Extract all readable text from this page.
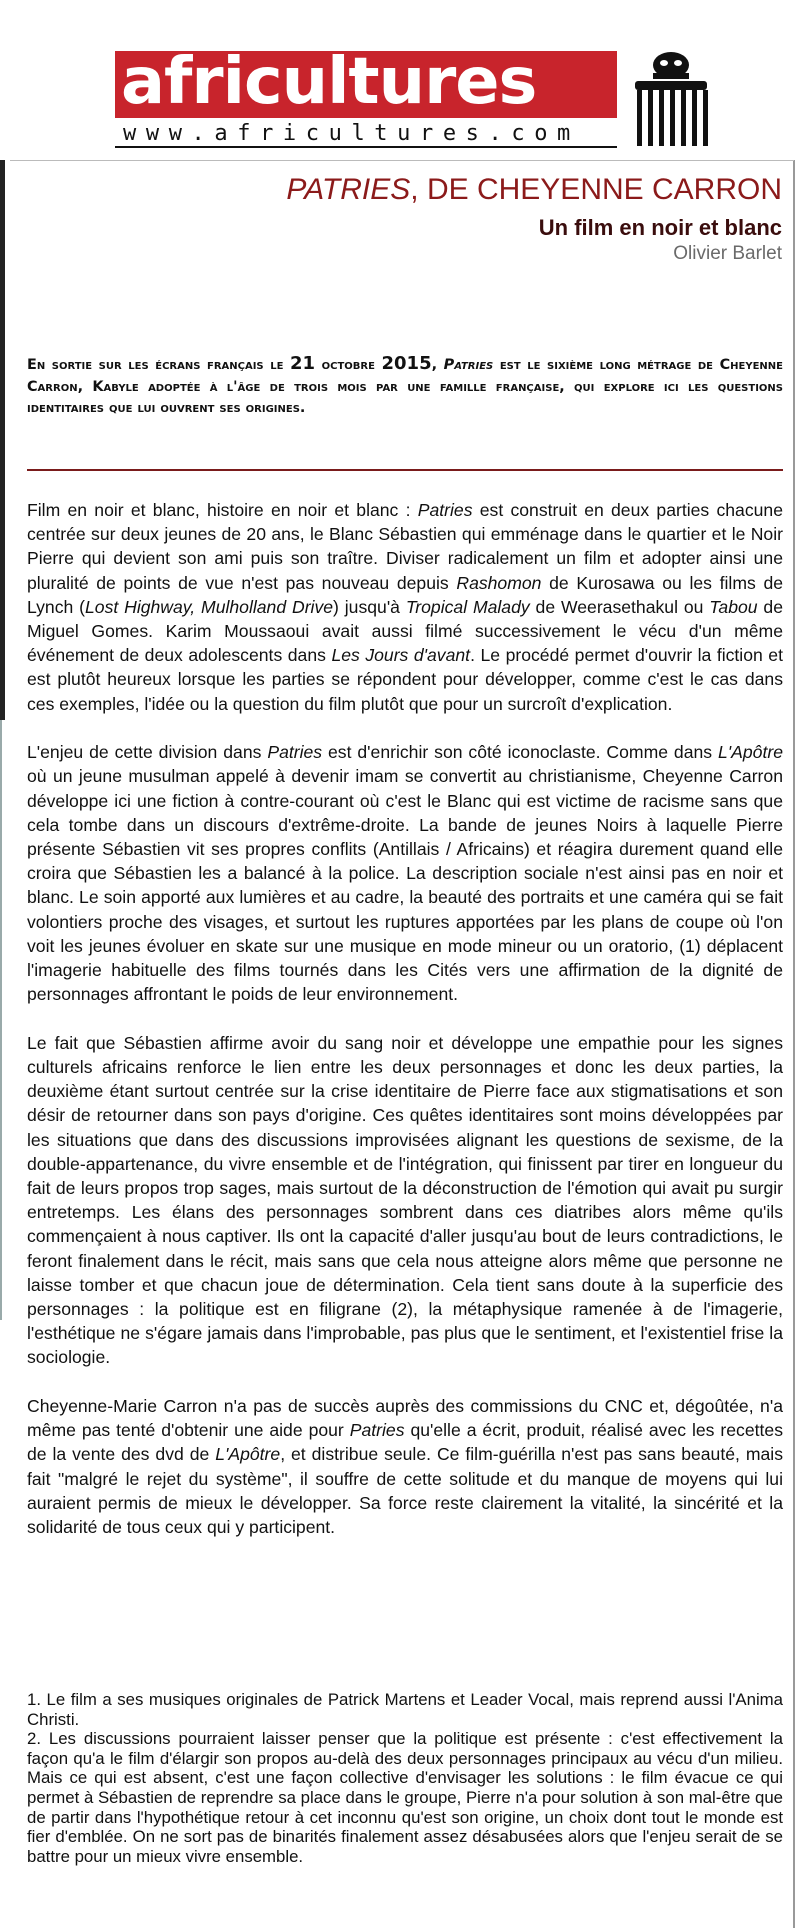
africultures
www.africultures.com
PATRIES, DE CHEYENNE CARRON
Un film en noir et blanc
Olivier Barlet
En sortie sur les écrans français le 21 octobre 2015, Patries est le sixième long métrage de Cheyenne Carron, Kabyle adoptée à l'âge de trois mois par une famille française, qui explore ici les questions identitaires que lui ouvrent ses origines.

Film en noir et blanc, histoire en noir et blanc : Patries est construit en deux parties chacune centrée sur deux jeunes de 20 ans, le Blanc Sébastien qui emménage dans le quartier et le Noir Pierre qui devient son ami puis son traître. Diviser radicalement un film et adopter ainsi une pluralité de points de vue n'est pas nouveau depuis Rashomon de Kurosawa ou les films de Lynch (Lost Highway, Mulholland Drive) jusqu'à Tropical Malady de Weerasethakul ou Tabou de Miguel Gomes. Karim Moussaoui avait aussi filmé successivement le vécu d'un même événement de deux adolescents dans Les Jours d'avant. Le procédé permet d'ouvrir la fiction et est plutôt heureux lorsque les parties se répondent pour développer, comme c'est le cas dans ces exemples, l'idée ou la question du film plutôt que pour un surcroît d'explication.

L'enjeu de cette division dans Patries est d'enrichir son côté iconoclaste. Comme dans L'Apôtre où un jeune musulman appelé à devenir imam se convertit au christianisme, Cheyenne Carron développe ici une fiction à contre-courant où c'est le Blanc qui est victime de racisme sans que cela tombe dans un discours d'extrême-droite. La bande de jeunes Noirs à laquelle Pierre présente Sébastien vit ses propres conflits (Antillais / Africains) et réagira durement quand elle croira que Sébastien les a balancé à la police. La description sociale n'est ainsi pas en noir et blanc. Le soin apporté aux lumières et au cadre, la beauté des portraits et une caméra qui se fait volontiers proche des visages, et surtout les ruptures apportées par les plans de coupe où l'on voit les jeunes évoluer en skate sur une musique en mode mineur ou un oratorio, (1) déplacent l'imagerie habituelle des films tournés dans les Cités vers une affirmation de la dignité de personnages affrontant le poids de leur environnement.

Le fait que Sébastien affirme avoir du sang noir et développe une empathie pour les signes culturels africains renforce le lien entre les deux personnages et donc les deux parties, la deuxième étant surtout centrée sur la crise identitaire de Pierre face aux stigmatisations et son désir de retourner dans son pays d'origine. Ces quêtes identitaires sont moins développées par les situations que dans des discussions improvisées alignant les questions de sexisme, de la double-appartenance, du vivre ensemble et de l'intégration, qui finissent par tirer en longueur du fait de leurs propos trop sages, mais surtout de la déconstruction de l'émotion qui avait pu surgir entretemps. Les élans des personnages sombrent dans ces diatribes alors même qu'ils commençaient à nous captiver. Ils ont la capacité d'aller jusqu'au bout de leurs contradictions, le feront finalement dans le récit, mais sans que cela nous atteigne alors même que personne ne laisse tomber et que chacun joue de détermination. Cela tient sans doute à la superficie des personnages : la politique est en filigrane (2), la métaphysique ramenée à de l'imagerie, l'esthétique ne s'égare jamais dans l'improbable, pas plus que le sentiment, et l'existentiel frise la sociologie.

Cheyenne-Marie Carron n'a pas de succès auprès des commissions du CNC et, dégoûtée, n'a même pas tenté d'obtenir une aide pour Patries qu'elle a écrit, produit, réalisé avec les recettes de la vente des dvd de L'Apôtre, et distribue seule. Ce film-guérilla n'est pas sans beauté, mais fait "malgré le rejet du système", il souffre de cette solitude et du manque de moyens qui lui auraient permis de mieux le développer. Sa force reste clairement la vitalité, la sincérité et la solidarité de tous ceux qui y participent.

1. Le film a ses musiques originales de Patrick Martens et Leader Vocal, mais reprend aussi l'Anima Christi.

2. Les discussions pourraient laisser penser que la politique est présente : c'est effectivement la façon qu'a le film d'élargir son propos au-delà des deux personnages principaux au vécu d'un milieu. Mais ce qui est absent, c'est une façon collective d'envisager les solutions : le film évacue ce qui permet à Sébastien de reprendre sa place dans le groupe, Pierre n'a pour solution à son mal-être que de partir dans l'hypothétique retour à cet inconnu qu'est son origine, un choix dont tout le monde est fier d'emblée. On ne sort pas de binarités finalement assez désabusées alors que l'enjeu serait de se battre pour un mieux vivre ensemble.
